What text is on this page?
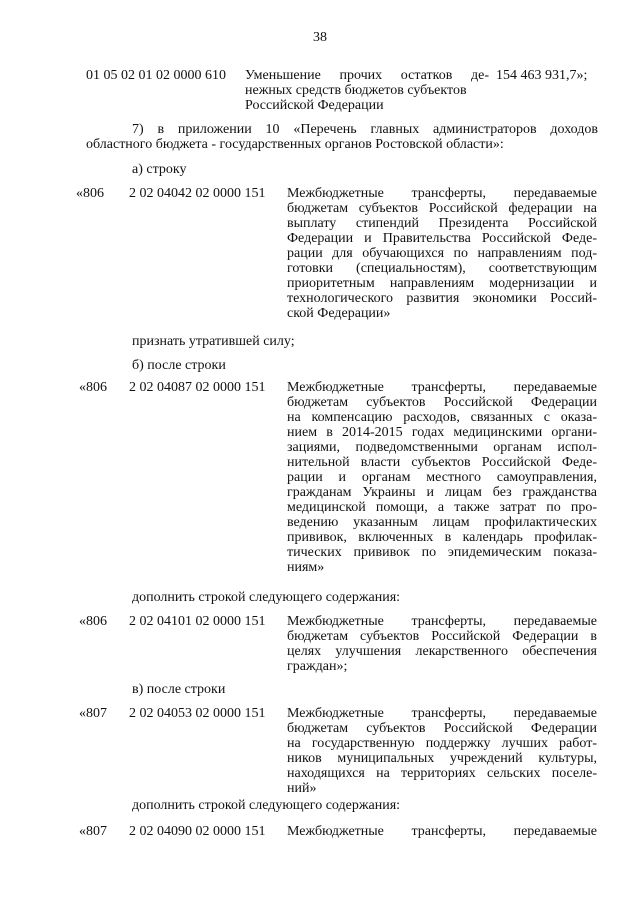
38
01 05 02 01 02 0000 610 Уменьшение прочих остатков де-
нежных средств бюджетов субъектов
Российской Федерации
154 463 931,7»;
7) в приложении 10 «Перечень главных администраторов доходов
областного бюджета - государственных органов Ростовской области»:
а) строку
«806 2 02 04042 02 0000 151 Межбюджетные трансферты, передаваемые
бюджетам субъектов Российской федерации на
выплату стипендий Президента Российской
Федерации и Правительства Российской Феде-
рации для обучающихся по направлениям под-
готовки (специальностям), соответствующим
приоритетным направлениям модернизации и
технологического развития экономики Россий-
ской Федерации»
признать утратившей силу;
б) после строки
«806 2 02 04087 02 0000 151 Межбюджетные трансферты, передаваемые
бюджетам субъектов Российской Федерации
на компенсацию расходов, связанных с оказа-
нием в 2014-2015 годах медицинскими органи-
зациями, подведомственными органам испол-
нительной власти субъектов Российской Феде-
рации и органам местного самоуправления,
гражданам Украины и лицам без гражданства
медицинской помощи, а также затрат по про-
ведению указанным лицам профилактических
прививок, включенных в календарь профилак-
тических прививок по эпидемическим показа-
ниям»
дополнить строкой следующего содержания:
«806 2 02 04101 02 0000 151 Межбюджетные трансферты, передаваемые
бюджетам субъектов Российской Федерации в
целях улучшения лекарственного обеспечения
граждан»;
в) после строки
«807 2 02 04053 02 0000 151 Межбюджетные трансферты, передаваемые
бюджетам субъектов Российской Федерации
на государственную поддержку лучших работ-
ников муниципальных учреждений культуры,
находящихся на территориях сельских поселе-
ний»
дополнить строкой следующего содержания:
«807 2 02 04090 02 0000 151 Межбюджетные трансферты, передаваемые
